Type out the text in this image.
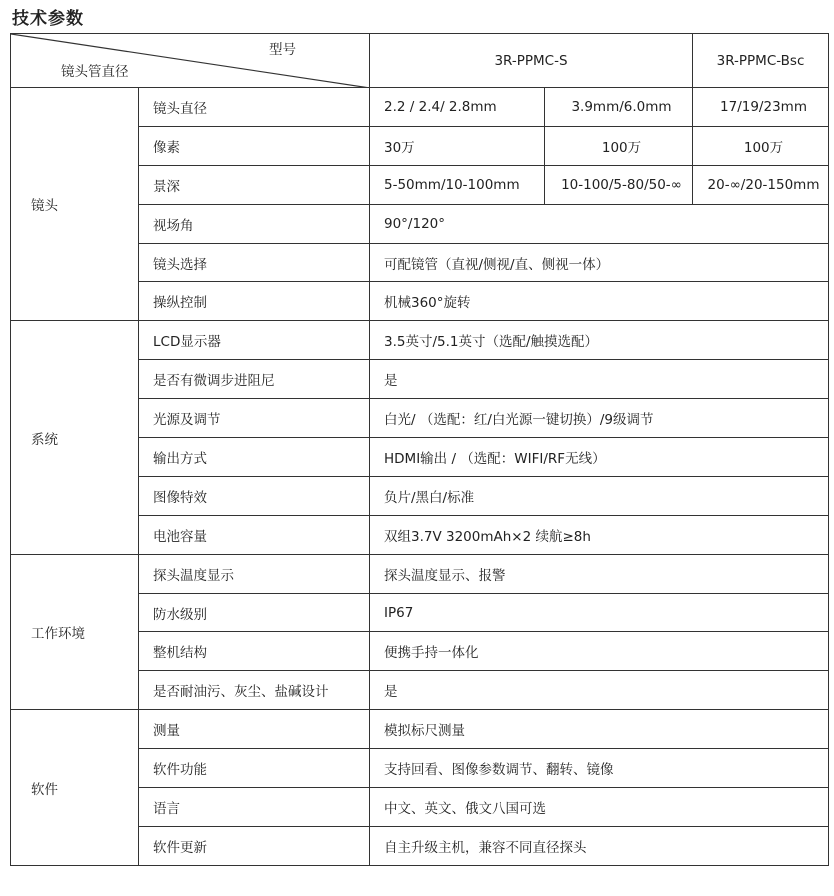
技术参数
型号
镜头管直径		3R-PPMC-S		3R-PPMC-Bsc
镜头	镜头直径	2.2 / 2.4/ 2.8mm	3.9mm/6.0mm	17/19/23mm
	像素	30万	100万	100万
	景深	5-50mm/10-100mm	10-100/5-80/50-∞	20-∞/20-150mm
	视场角	90°/120°		
	镜头选择	可配镜管（直视/侧视/直、侧视一体）		
	操纵控制	机械360°旋转		
系统	LCD显示器	3.5英寸/5.1英寸（选配/触摸选配）		
	是否有微调步进阻尼	是		
	光源及调节	白光/ （选配：红/白光源一键切换）/9级调节		
	输出方式	HDMI输出 / （选配：WIFI/RF无线）		
	图像特效	负片/黑白/标准		
	电池容量	双组3.7V 3200mAh×2 续航≥8h		
工作环境	探头温度显示	探头温度显示、报警		
	防水级别	IP67		
	整机结构	便携手持一体化		
	是否耐油污、灰尘、盐碱设计	是		
软件	测量	模拟标尺测量		
	软件功能	支持回看、图像参数调节、翻转、镜像		
	语言	中文、英文、俄文八国可选		
	软件更新	自主升级主机，兼容不同直径探头		
